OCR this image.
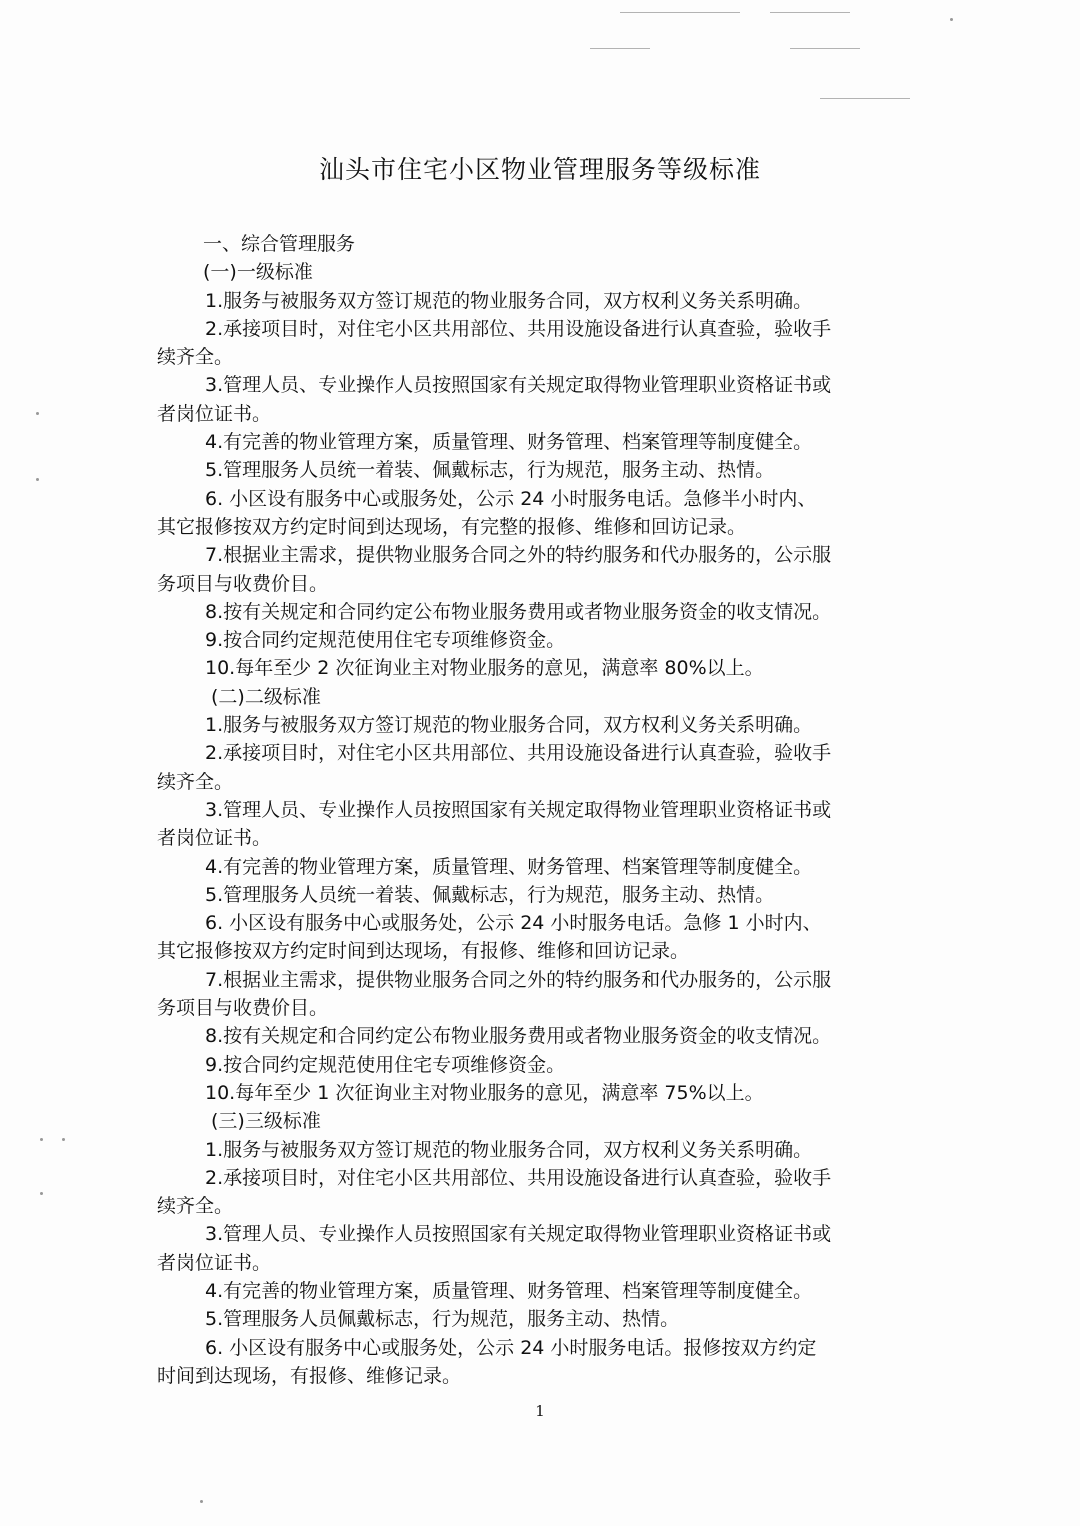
汕头市住宅小区物业管理服务等级标准
一、综合管理服务
(一)一级标准
1.服务与被服务双方签订规范的物业服务合同，双方权利义务关系明确。
2.承接项目时，对住宅小区共用部位、共用设施设备进行认真查验，验收手
续齐全。
3.管理人员、专业操作人员按照国家有关规定取得物业管理职业资格证书或
者岗位证书。
4.有完善的物业管理方案，质量管理、财务管理、档案管理等制度健全。
5.管理服务人员统一着装、佩戴标志，行为规范，服务主动、热情。
6. 小区设有服务中心或服务处，公示 24 小时服务电话。急修半小时内、
其它报修按双方约定时间到达现场，有完整的报修、维修和回访记录。
7.根据业主需求，提供物业服务合同之外的特约服务和代办服务的，公示服
务项目与收费价目。
8.按有关规定和合同约定公布物业服务费用或者物业服务资金的收支情况。
9.按合同约定规范使用住宅专项维修资金。
10.每年至少 2 次征询业主对物业服务的意见，满意率 80%以上。
(二)二级标准
1.服务与被服务双方签订规范的物业服务合同，双方权利义务关系明确。
2.承接项目时，对住宅小区共用部位、共用设施设备进行认真查验，验收手
续齐全。
3.管理人员、专业操作人员按照国家有关规定取得物业管理职业资格证书或
者岗位证书。
4.有完善的物业管理方案，质量管理、财务管理、档案管理等制度健全。
5.管理服务人员统一着装、佩戴标志，行为规范，服务主动、热情。
6. 小区设有服务中心或服务处，公示 24 小时服务电话。急修 1 小时内、
其它报修按双方约定时间到达现场，有报修、维修和回访记录。
7.根据业主需求，提供物业服务合同之外的特约服务和代办服务的，公示服
务项目与收费价目。
8.按有关规定和合同约定公布物业服务费用或者物业服务资金的收支情况。
9.按合同约定规范使用住宅专项维修资金。
10.每年至少 1 次征询业主对物业服务的意见，满意率 75%以上。
(三)三级标准
1.服务与被服务双方签订规范的物业服务合同，双方权利义务关系明确。
2.承接项目时，对住宅小区共用部位、共用设施设备进行认真查验，验收手
续齐全。
3.管理人员、专业操作人员按照国家有关规定取得物业管理职业资格证书或
者岗位证书。
4.有完善的物业管理方案，质量管理、财务管理、档案管理等制度健全。
5.管理服务人员佩戴标志，行为规范，服务主动、热情。
6. 小区设有服务中心或服务处，公示 24 小时服务电话。报修按双方约定
时间到达现场，有报修、维修记录。
1
